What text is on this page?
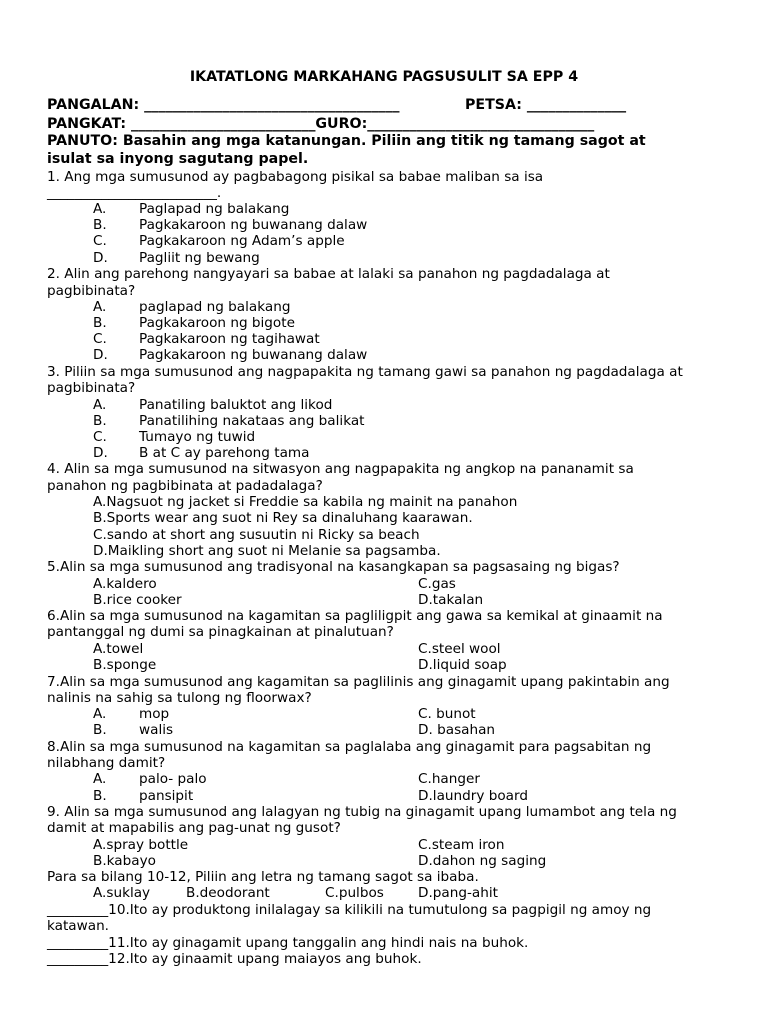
IKATATLONG MARKAHANG PAGSUSULIT SA EPP 4
PANGALAN: ____________________________________	PETSA: ______________
PANGKAT: __________________________GURO:________________________________
PANUTO: Basahin ang mga katanungan. Piliin ang titik ng tamang sagot at
isulat sa inyong sagutang papel.
1. Ang mga sumusunod ay pagbabagong pisikal sa babae maliban sa isa
_________________________.
A. Paglapad ng balakang
B. Pagkakaroon ng buwanang dalaw
C. Pagkakaroon ng Adam’s apple
D. Pagliit ng bewang
2. Alin ang parehong nangyayari sa babae at lalaki sa panahon ng pagdadalaga at
pagbibinata?
A. paglapad ng balakang
B. Pagkakaroon ng bigote
C. Pagkakaroon ng tagihawat
D. Pagkakaroon ng buwanang dalaw
3. Piliin sa mga sumusunod ang nagpapakita ng tamang gawi sa panahon ng pagdadalaga at
pagbibinata?
A. Panatiling baluktot ang likod
B. Panatilihing nakataas ang balikat
C. Tumayo ng tuwid
D. B at C ay parehong tama
4. Alin sa mga sumusunod na sitwasyon ang nagpapakita ng angkop na pananamit sa
panahon ng pagbibinata at padadalaga?
A.Nagsuot ng jacket si Freddie sa kabila ng mainit na panahon
B.Sports wear ang suot ni Rey sa dinaluhang kaarawan.
C.sando at short ang susuutin ni Ricky sa beach
D.Maikling short ang suot ni Melanie sa pagsamba.
5.Alin sa mga sumusunod ang tradisyonal na kasangkapan sa pagsasaing ng bigas?
A.kaldero	C.gas
B.rice cooker	D.takalan
6.Alin sa mga sumusunod na kagamitan sa pagliligpit ang gawa sa kemikal at ginaamit na
pantanggal ng dumi sa pinagkainan at pinalutuan?
A.towel	C.steel wool
B.sponge	D.liquid soap
7.Alin sa mga sumusunod ang kagamitan sa paglilinis ang ginagamit upang pakintabin ang
nalinis na sahig sa tulong ng floorwax?
A. mop	C. bunot
B. walis	D. basahan
8.Alin sa mga sumusunod na kagamitan sa paglalaba ang ginagamit para pagsabitan ng
nilabhang damit?
A. palo- palo	C.hanger
B. pansipit	D.laundry board
9. Alin sa mga sumusunod ang lalagyan ng tubig na ginagamit upang lumambot ang tela ng
damit at mapabilis ang pag-unat ng gusot?
A.spray bottle	C.steam iron
B.kabayo	D.dahon ng saging
Para sa bilang 10-12, Piliin ang letra ng tamang sagot sa ibaba.
A.suklay	B.deodorant	C.pulbos	D.pang-ahit
_________10.Ito ay produktong inilalagay sa kilikili na tumutulong sa pagpigil ng amoy ng
katawan.
_________11.Ito ay ginagamit upang tanggalin ang hindi nais na buhok.
_________12.Ito ay ginaamit upang maiayos ang buhok.
